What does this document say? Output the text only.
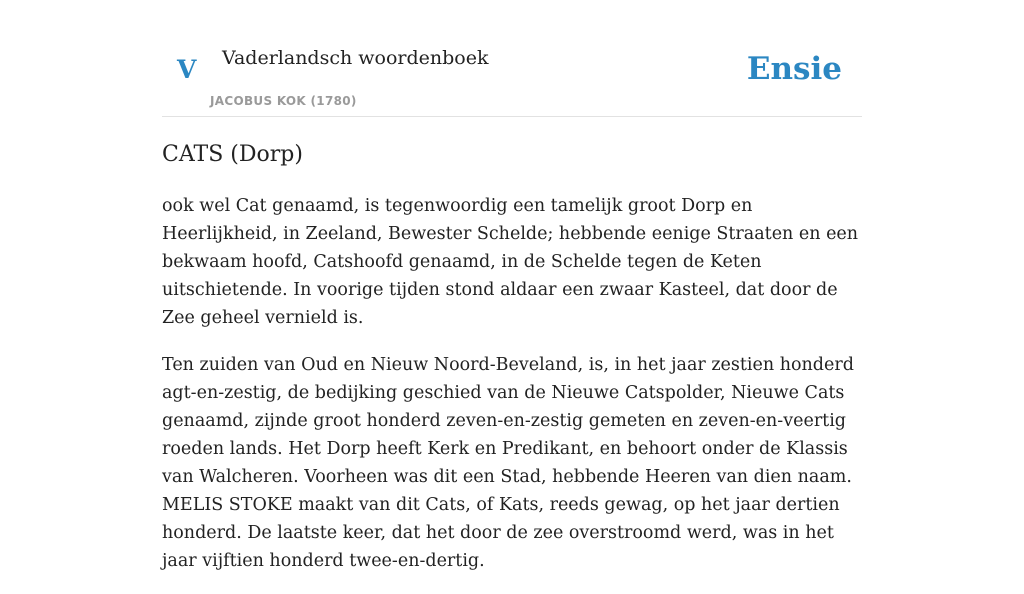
V Vaderlandsch woordenboek
JACOBUS KOK (1780)
Ensie
CATS (Dorp)

ook wel Cat genaamd, is tegenwoordig een tamelijk groot Dorp en Heerlijkheid, in Zeeland, Bewester Schelde; hebbende eenige Straaten en een bekwaam hoofd, Catshoofd genaamd, in de Schelde tegen de Keten uitschietende. In voorige tijden stond aldaar een zwaar Kasteel, dat door de Zee geheel vernield is.

Ten zuiden van Oud en Nieuw Noord-Beveland, is, in het jaar zestien honderd agt-en-zestig, de bedijking geschied van de Nieuwe Catspolder, Nieuwe Cats genaamd, zijnde groot honderd zeven-en-zestig gemeten en zeven-en-veertig roeden lands. Het Dorp heeft Kerk en Predikant, en behoort onder de Klassis van Walcheren. Voorheen was dit een Stad, hebbende Heeren van dien naam. MELIS STOKE maakt van dit Cats, of Kats, reeds gewag, op het jaar dertien honderd. De laatste keer, dat het door de zee overstroomd werd, was in het jaar vijftien honderd twee-en-dertig.
